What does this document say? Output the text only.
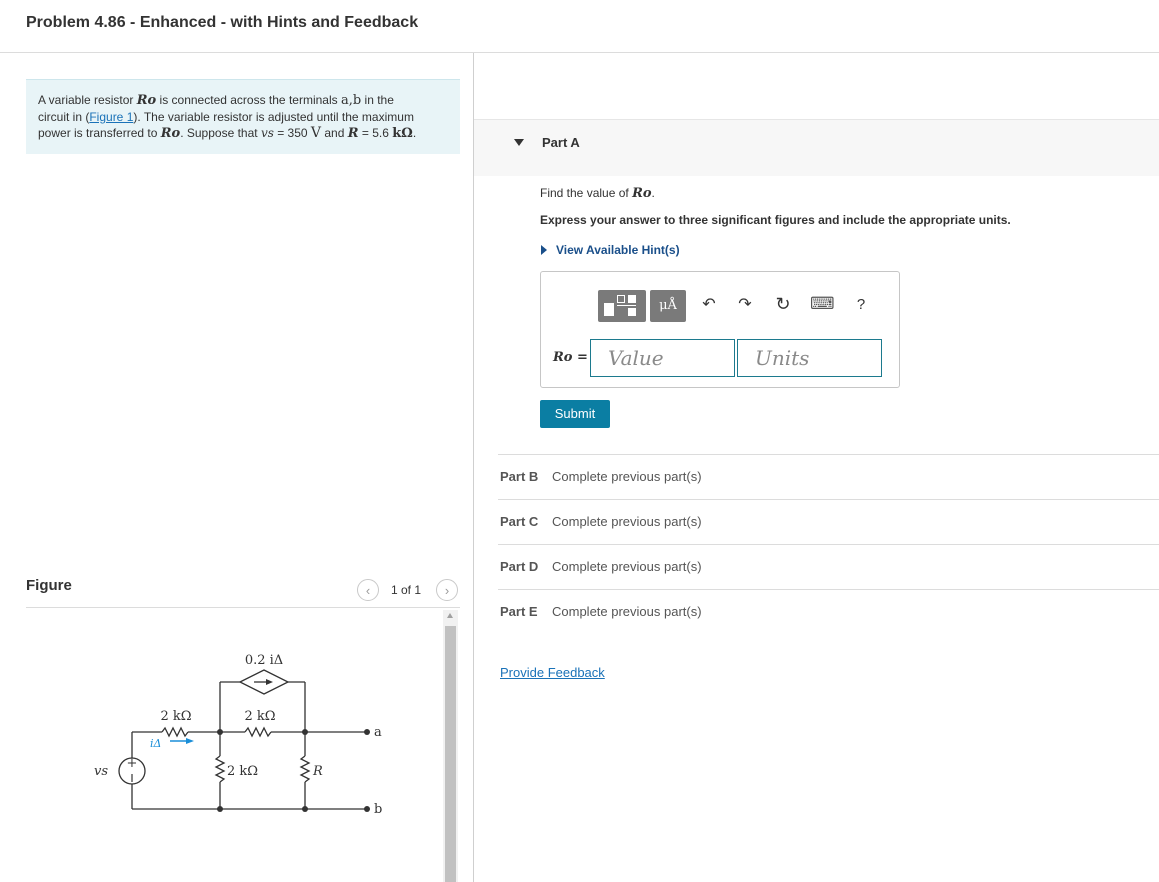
Problem 4.86 - Enhanced - with Hints and Feedback
A variable resistor Ro is connected across the terminals a,b in the
circuit in (Figure 1). The variable resistor is adjusted until the maximum
power is transferred to Ro. Suppose that vs = 350 V and R = 5.6 kΩ.
Figure	‹	1 of 1	›
+
0.2 iΔ
2 kΩ	2 kΩ
2 kΩ	R
iΔ
vs
a
b
Part A
Find the value of Ro.
Express your answer to three significant figures and include the appropriate units.
View Available Hint(s)
μÅ	↶ ↷ ↻ ⌨	?
Ro =	Value	Units
Submit
Part B Complete previous part(s)
Part C Complete previous part(s)
Part D Complete previous part(s)
Part E Complete previous part(s)
Provide Feedback
